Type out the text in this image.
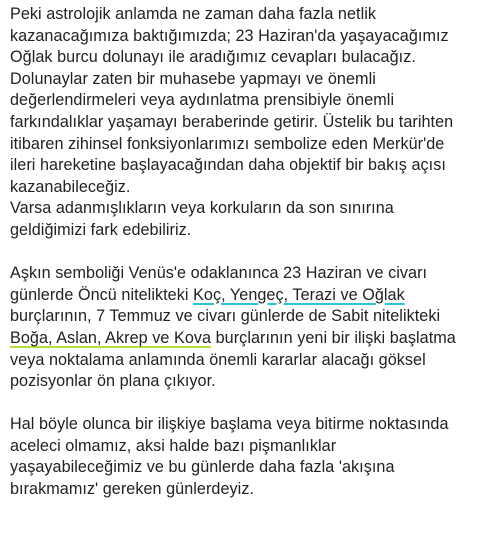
Peki astrolojik anlamda ne zaman daha fazla netlik
kazanacağımıza baktığımızda; 23 Haziran'da yaşayacağımız
Oğlak burcu dolunayı ile aradığımız cevapları bulacağız.
Dolunaylar zaten bir muhasebe yapmayı ve önemli
değerlendirmeleri veya aydınlatma prensibiyle önemli
farkındalıklar yaşamayı beraberinde getirir. Üstelik bu tarihten
itibaren zihinsel fonksiyonlarımızı sembolize eden Merkür'de
ileri hareketine başlayacağından daha objektif bir bakış açısı
kazanabileceğiz.
Varsa adanmışlıkların veya korkuların da son sınırına
geldiğimizi fark edebiliriz.

Aşkın semboliği Venüs'e odaklanınca 23 Haziran ve civarı
günlerde Öncü nitelikteki Koç, Yengeç, Terazi ve Oğlak
burçlarının, 7 Temmuz ve civarı günlerde de Sabit nitelikteki
Boğa, Aslan, Akrep ve Kova burçlarının yeni bir ilişki başlatma
veya noktalama anlamında önemli kararlar alacağı göksel
pozisyonlar ön plana çıkıyor.

Hal böyle olunca bir ilişkiye başlama veya bitirme noktasında
aceleci olmamız, aksi halde bazı pişmanlıklar
yaşayabileceğimiz ve bu günlerde daha fazla 'akışına
bırakmamız' gereken günlerdeyiz.
